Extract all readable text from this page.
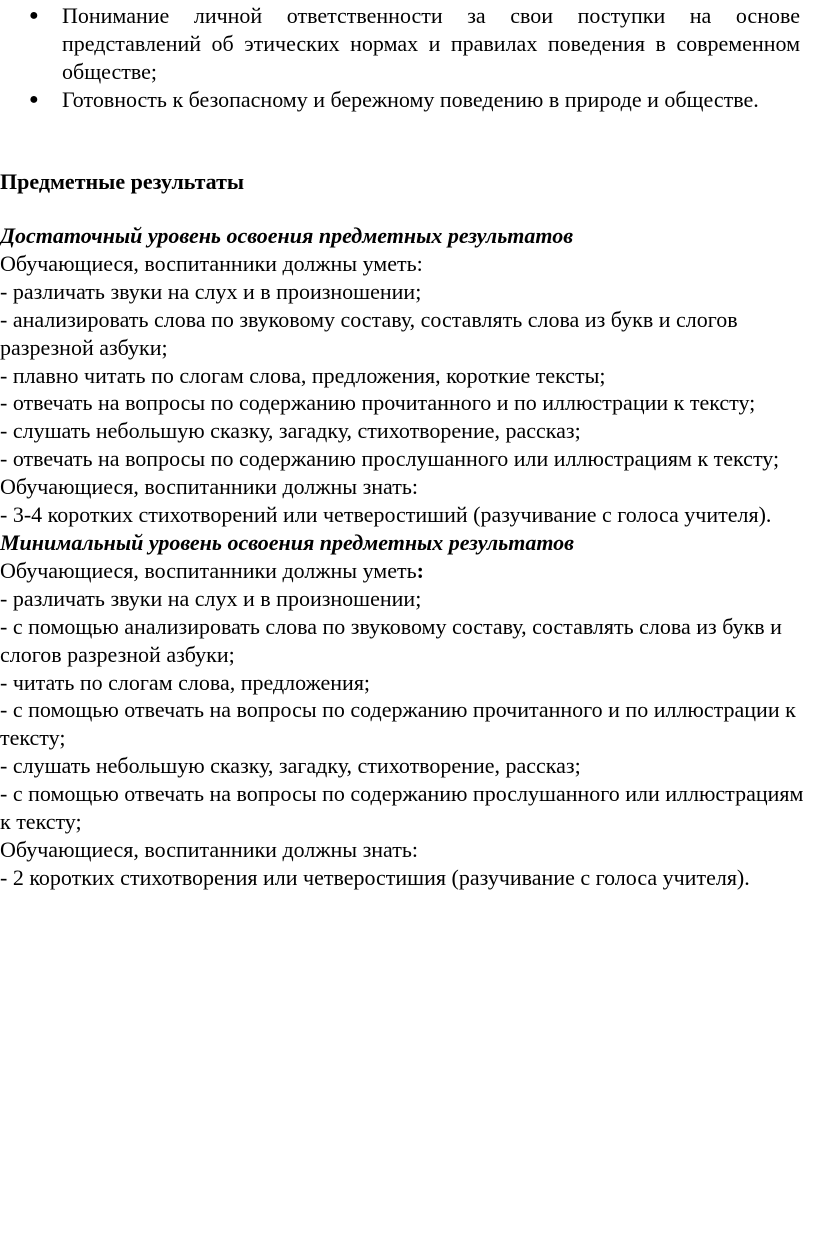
● Понимание личной ответственности за свои поступки на основе представлений об этических нормах и правилах поведения в современном обществе;
● Готовность к безопасному и бережному поведению в природе и обществе.
Предметные результаты

Достаточный уровень освоения предметных результатов

Обучающиеся, воспитанники должны уметь:

- различать звуки на слух и в произношении;

- анализировать слова по звуковому составу, составлять слова из букв и слогов разрезной азбуки;

- плавно читать по слогам слова, предложения, короткие тексты;

- отвечать на вопросы по содержанию прочитанного и по иллюстрации к тексту;

- слушать небольшую сказку, загадку, стихотворение, рассказ;

- отвечать на вопросы по содержанию прослушанного или иллюстрациям к тексту;

Обучающиеся, воспитанники должны знать:

- 3-4 коротких стихотворений или четверостиший (разучивание с голоса учителя).

Минимальный уровень освоения предметных результатов

Обучающиеся, воспитанники должны уметь:

- различать звуки на слух и в произношении;

- с помощью анализировать слова по звуковому составу, составлять слова из букв и слогов разрезной азбуки;

- читать по слогам слова, предложения;

- с помощью отвечать на вопросы по содержанию прочитанного и по иллюстрации к тексту;

- слушать небольшую сказку, загадку, стихотворение, рассказ;

- с помощью отвечать на вопросы по содержанию прослушанного или иллюстрациям к тексту;

Обучающиеся, воспитанники должны знать:

- 2 коротких стихотворения или четверостишия (разучивание с голоса учителя).
